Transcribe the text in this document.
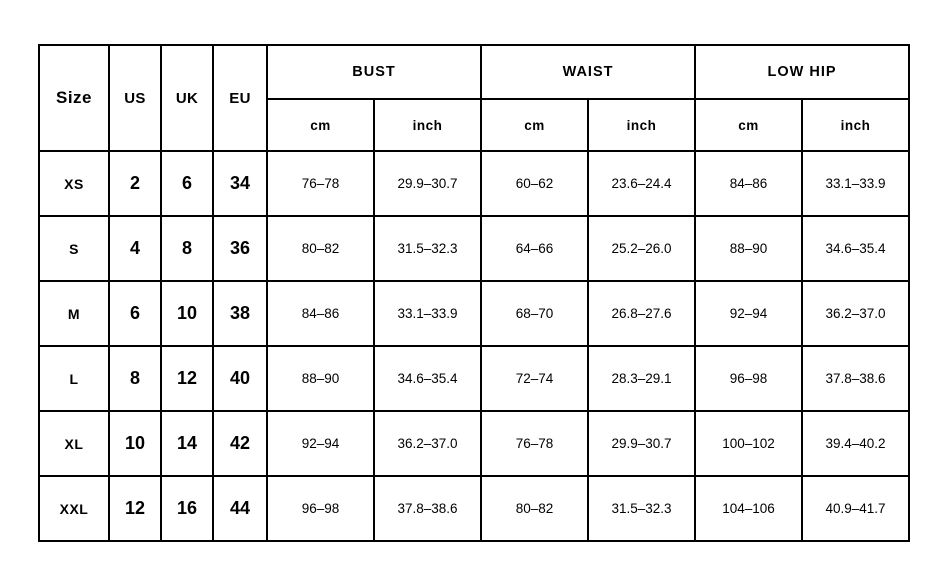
Size	US	UK	EU	BUST		WAIST		LOW HIP	
				cm	inch	cm	inch	cm	inch
XS	2	6	34	76–78	29.9–30.7	60–62	23.6–24.4	84–86	33.1–33.9
S	4	8	36	80–82	31.5–32.3	64–66	25.2–26.0	88–90	34.6–35.4
M	6	10	38	84–86	33.1–33.9	68–70	26.8–27.6	92–94	36.2–37.0
L	8	12	40	88–90	34.6–35.4	72–74	28.3–29.1	96–98	37.8–38.6
XL	10	14	42	92–94	36.2–37.0	76–78	29.9–30.7	100–102	39.4–40.2
XXL	12	16	44	96–98	37.8–38.6	80–82	31.5–32.3	104–106	40.9–41.7
